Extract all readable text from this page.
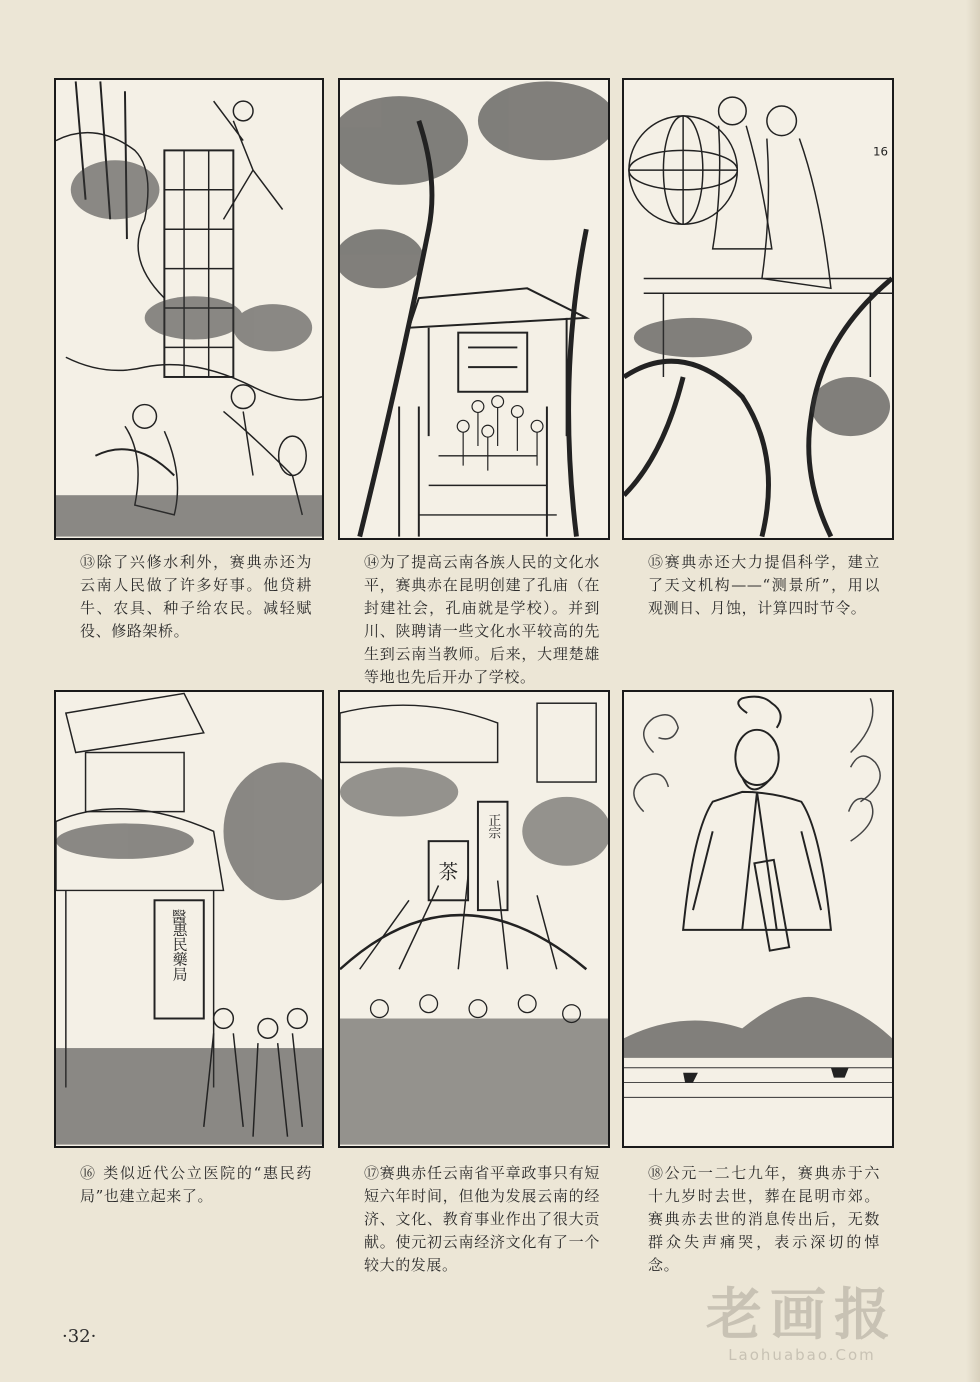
16
⑬除了兴修水利外，赛典赤还为云南人民做了许多好事。他贷耕牛、农具、种子给农民。减轻赋役、修路架桥。
⑭为了提高云南各族人民的文化水平，赛典赤在昆明创建了孔庙（在封建社会，孔庙就是学校）。并到川、陕聘请一些文化水平较高的先生到云南当教师。后来，大理楚雄等地也先后开办了学校。
⑮赛典赤还大力提倡科学，建立了天文机构——“测景所”，用以观测日、月蚀，计算四时节令。
醫
惠民藥局
正宗
茶
⑯ 类似近代公立医院的“惠民药局”也建立起来了。
⑰赛典赤任云南省平章政事只有短短六年时间，但他为发展云南的经济、文化、教育事业作出了很大贡献。使元初云南经济文化有了一个较大的发展。
⑱公元一二七九年，赛典赤于六十九岁时去世，葬在昆明市郊。赛典赤去世的消息传出后，无数群众失声痛哭，表示深切的悼念。
·32·	老画报
Laohuabao.Com
